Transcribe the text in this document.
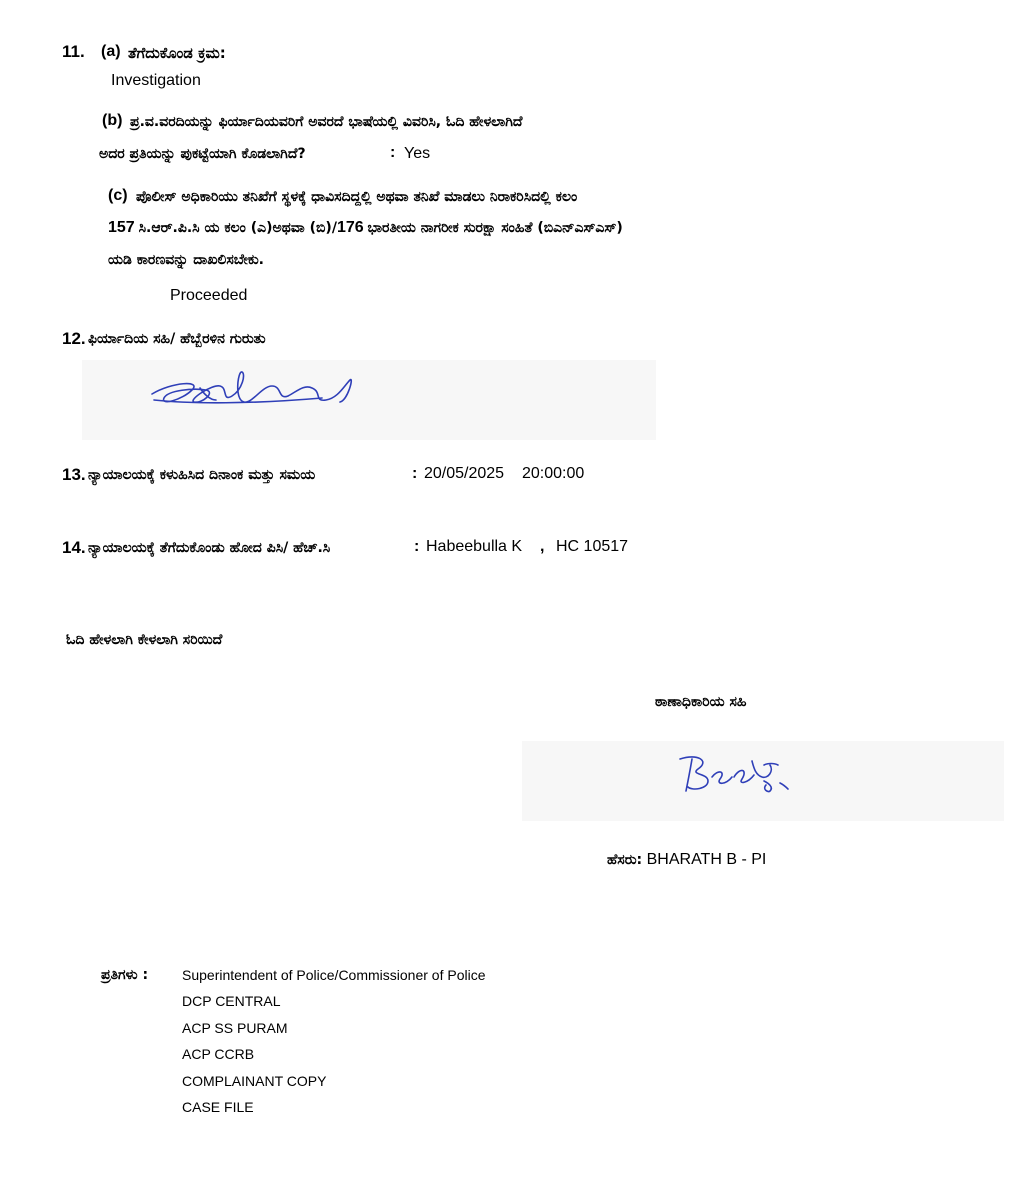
11. (a) ತೆಗೆದುಕೊಂಡ ಕ್ರಮ:
Investigation
(b) ಪ್ರ.ವ.ವರದಿಯನ್ನು ಫಿರ್ಯಾದಿಯವರಿಗೆ ಅವರದೆ ಭಾಷೆಯಲ್ಲಿ ವಿವರಿಸಿ, ಓದಿ ಹೇಳಲಾಗಿದೆ
ಅದರ ಪ್ರತಿಯನ್ನು ಪುಕಟ್ಟೆಯಾಗಿ ಕೊಡಲಾಗಿದೆ?	: Yes
(c) ಪೊಲೀಸ್ ಅಧಿಕಾರಿಯು ತನಿಖೆಗೆ ಸ್ಥಳಕ್ಕೆ ಧಾವಿಸದಿದ್ದಲ್ಲಿ ಅಥವಾ ತನಿಖೆ ಮಾಡಲು ನಿರಾಕರಿಸಿದಲ್ಲಿ ಕಲಂ
157 ಸಿ.ಆರ್.ಪಿ.ಸಿ ಯ ಕಲಂ (ಎ)ಅಥವಾ (ಬಿ)/176 ಭಾರತೀಯ ನಾಗರೀಕ ಸುರಕ್ಷಾ ಸಂಹಿತೆ (ಬಿಎನ್ಎಸ್ಎಸ್)
ಯಡಿ ಕಾರಣವನ್ನು ದಾಖಲಿಸಬೇಕು.
Proceeded
12. ಫಿರ್ಯಾದಿಯ ಸಹಿ/ ಹೆಬ್ಬೆರಳಿನ ಗುರುತು
13. ನ್ಯಾಯಾಲಯಕ್ಕೆ ಕಳುಹಿಸಿದ ದಿನಾಂಕ ಮತ್ತು ಸಮಯ	: 20/05/2025 20:00:00
14. ನ್ಯಾಯಾಲಯಕ್ಕೆ ತೆಗೆದುಕೊಂಡು ಹೋದ ಪಿಸಿ/ ಹೆಚ್.ಸಿ	: Habeebulla K , HC 10517
ಓದಿ ಹೇಳಲಾಗಿ ಕೇಳಲಾಗಿ ಸರಿಯಿದೆ
ಠಾಣಾಧಿಕಾರಿಯ ಸಹಿ
ಹೆಸರು: BHARATH B - PI
ಪ್ರತಿಗಳು : Superintendent of Police/Commissioner of Police
DCP CENTRAL
ACP SS PURAM
ACP CCRB
COMPLAINANT COPY
CASE FILE
